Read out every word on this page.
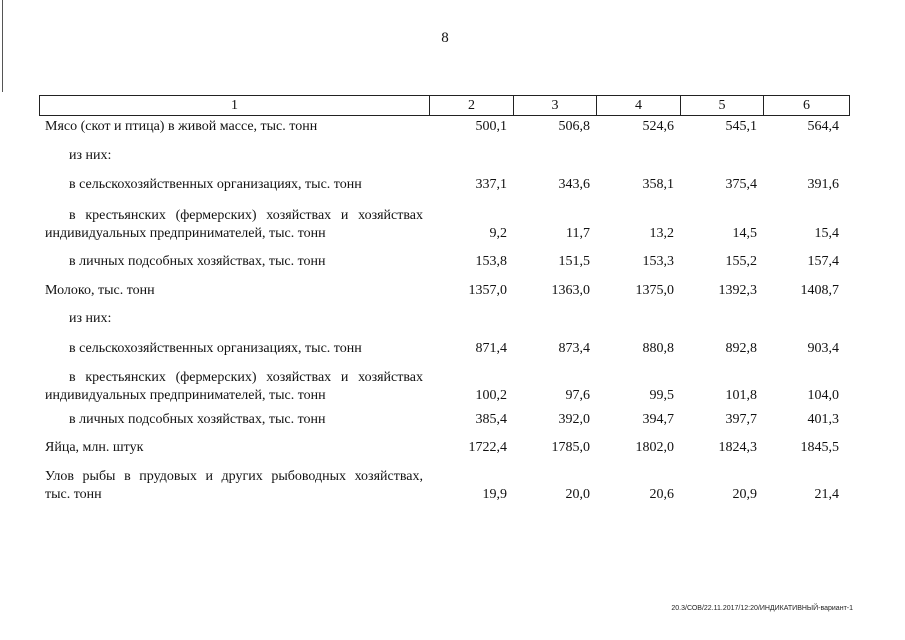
8
1	2	3	4	5	6
Мясо (скот и птица) в живой массе, тыс. тонн	500,1	506,8	524,6	545,1	564,4
из них:
в сельскохозяйственных организациях, тыс. тонн	337,1	343,6	358,1	375,4	391,6
в крестьянских (фермерских) хозяйствах и хозяйствах
индивидуальных предпринимателей, тыс. тонн	9,2	11,7	13,2	14,5	15,4
в личных подсобных хозяйствах, тыс. тонн	153,8	151,5	153,3	155,2	157,4
Молоко, тыс. тонн	1357,0	1363,0	1375,0	1392,3	1408,7
из них:
в сельскохозяйственных организациях, тыс. тонн	871,4	873,4	880,8	892,8	903,4
в крестьянских (фермерских) хозяйствах и хозяйствах
индивидуальных предпринимателей, тыс. тонн	100,2	97,6	99,5	101,8	104,0
в личных подсобных хозяйствах, тыс. тонн	385,4	392,0	394,7	397,7	401,3
Яйца, млн. штук	1722,4	1785,0	1802,0	1824,3	1845,5
Улов рыбы в прудовых и других рыбоводных хозяйствах,
тыс. тонн	19,9	20,0	20,6	20,9	21,4
20.3/СОВ/22.11.2017/12:20/ИНДИКАТИВНЫЙ-вариант-1
